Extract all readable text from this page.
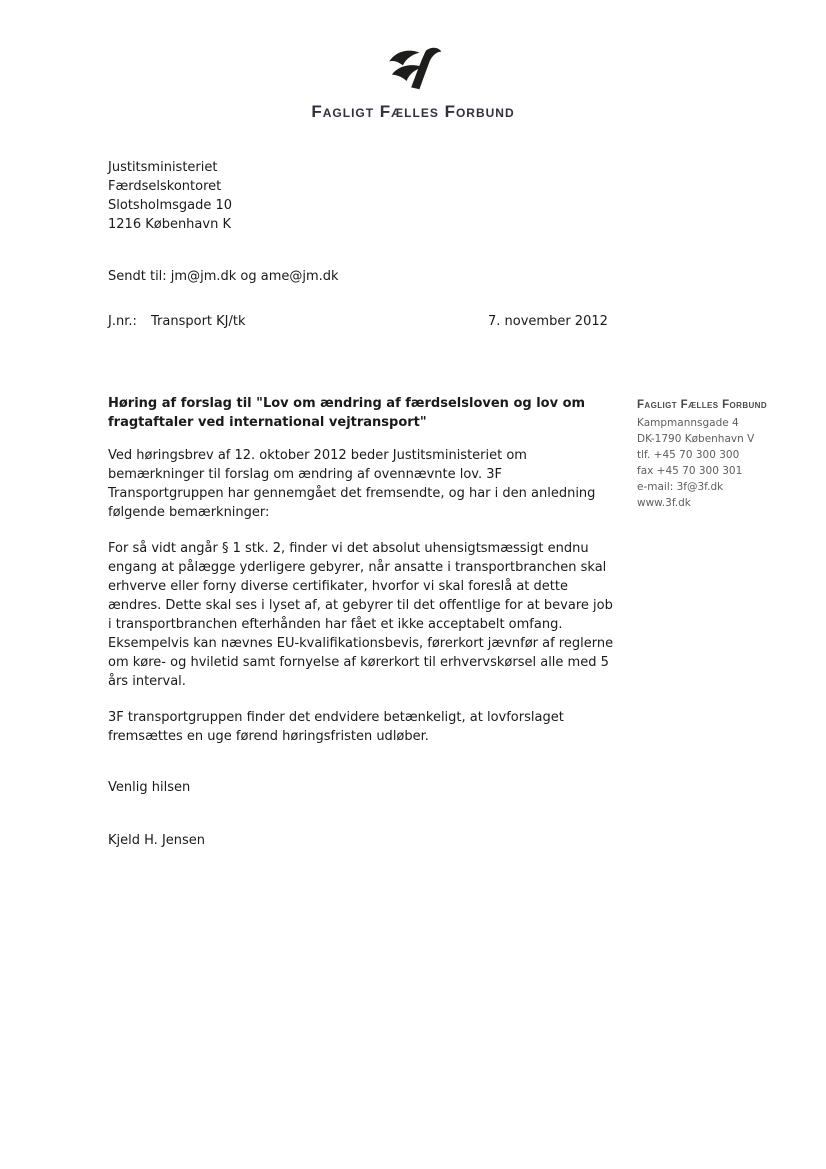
Fagligt Fælles Forbund
Justitsministeriet
Færdselskontoret
Slotsholmsgade 10
1216 København K
Sendt til: jm@jm.dk og ame@jm.dk
J.nr.: Transport KJ/tk	7. november 2012
Fagligt Fælles Forbund
Kampmannsgade 4
DK-1790 København V
tlf. +45 70 300 300
fax +45 70 300 301
e-mail: 3f@3f.dk
www.3f.dk
Høring af forslag til "Lov om ændring af færdselsloven og lov om fragtaftaler ved international vejtransport"

Ved høringsbrev af 12. oktober 2012 beder Justitsministeriet om bemærkninger til forslag om ændring af ovennævnte lov. 3F Transportgruppen har gennemgået det fremsendte, og har i den anledning følgende bemærkninger:

For så vidt angår § 1 stk. 2, finder vi det absolut uhensigtsmæssigt endnu engang at pålægge yderligere gebyrer, når ansatte i transportbranchen skal erhverve eller forny diverse certifikater, hvorfor vi skal foreslå at dette ændres. Dette skal ses i lyset af, at gebyrer til det offentlige for at bevare job i transportbranchen efterhånden har fået et ikke acceptabelt omfang. Eksempelvis kan nævnes EU-kvalifikationsbevis, førerkort jævnfør af reglerne om køre- og hviletid samt fornyelse af kørerkort til erhvervskørsel alle med 5 års interval.

3F transportgruppen finder det endvidere betænkeligt, at lovforslaget fremsættes en uge førend høringsfristen udløber.

Venlig hilsen
Kjeld H. Jensen
